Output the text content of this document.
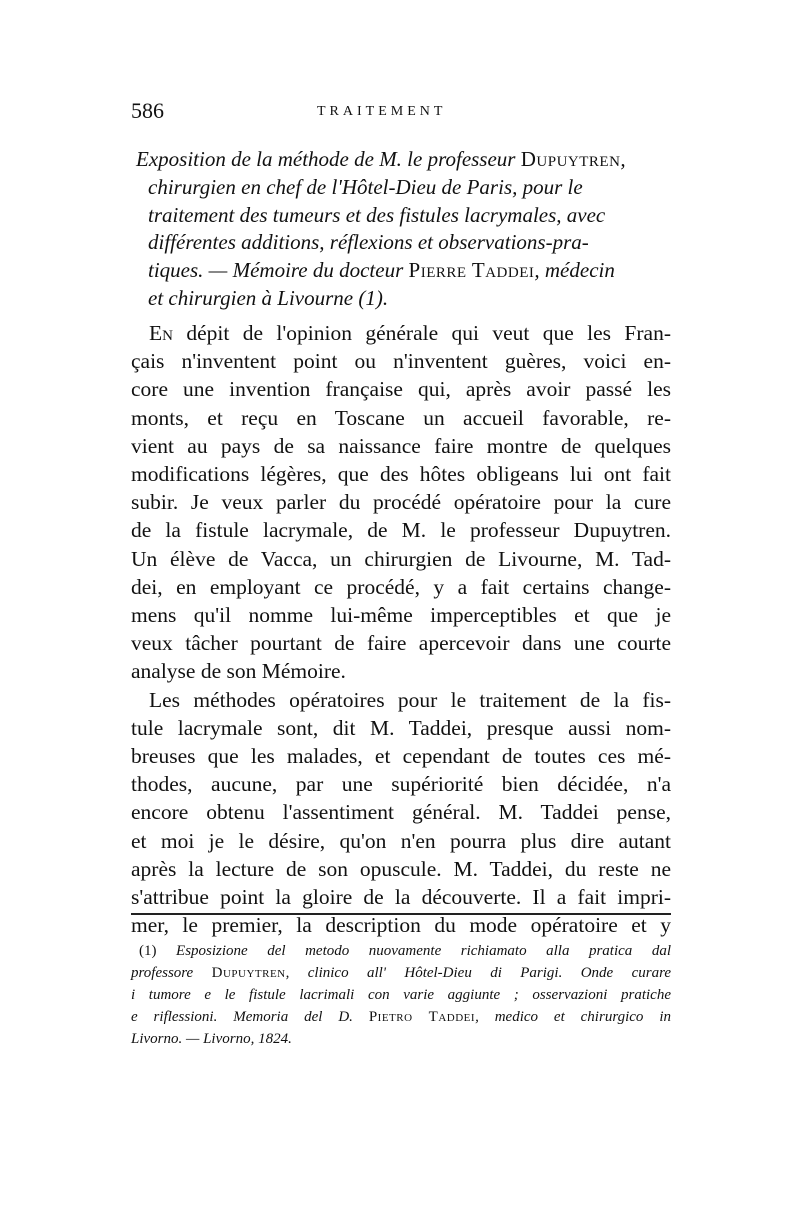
586	TRAITEMENT
Exposition de la méthode de M. le professeur Dupuytren,
chirurgien en chef de l'Hôtel-Dieu de Paris, pour le
traitement des tumeurs et des fistules lacrymales, avec
différentes additions, réflexions et observations-pra-
tiques. — Mémoire du docteur Pierre Taddei, médecin
et chirurgien à Livourne (1).
En dépit de l'opinion générale qui veut que les Fran-
çais n'inventent point ou n'inventent guères, voici en-
core une invention française qui, après avoir passé les
monts, et reçu en Toscane un accueil favorable, re-
vient au pays de sa naissance faire montre de quelques
modifications légères, que des hôtes obligeans lui ont fait
subir. Je veux parler du procédé opératoire pour la cure
de la fistule lacrymale, de M. le professeur Dupuytren.
Un élève de Vacca, un chirurgien de Livourne, M. Tad-
dei, en employant ce procédé, y a fait certains change-
mens qu'il nomme lui-même imperceptibles et que je
veux tâcher pourtant de faire apercevoir dans une courte
analyse de son Mémoire.
Les méthodes opératoires pour le traitement de la fis-
tule lacrymale sont, dit M. Taddei, presque aussi nom-
breuses que les malades, et cependant de toutes ces mé-
thodes, aucune, par une supériorité bien décidée, n'a
encore obtenu l'assentiment général. M. Taddei pense,
et moi je le désire, qu'on n'en pourra plus dire autant
après la lecture de son opuscule. M. Taddei, du reste ne
s'attribue point la gloire de la découverte. Il a fait impri-
mer, le premier, la description du mode opératoire et y
(1) Esposizione del metodo nuovamente richiamato alla pratica dal
professore Dupuytren, clinico all' Hôtel-Dieu di Parigi. Onde curare
i tumore e le fistule lacrimali con varie aggiunte ; osservazioni pratiche
e riflessioni. Memoria del D. Pietro Taddei, medico et chirurgico in
Livorno. — Livorno, 1824.
